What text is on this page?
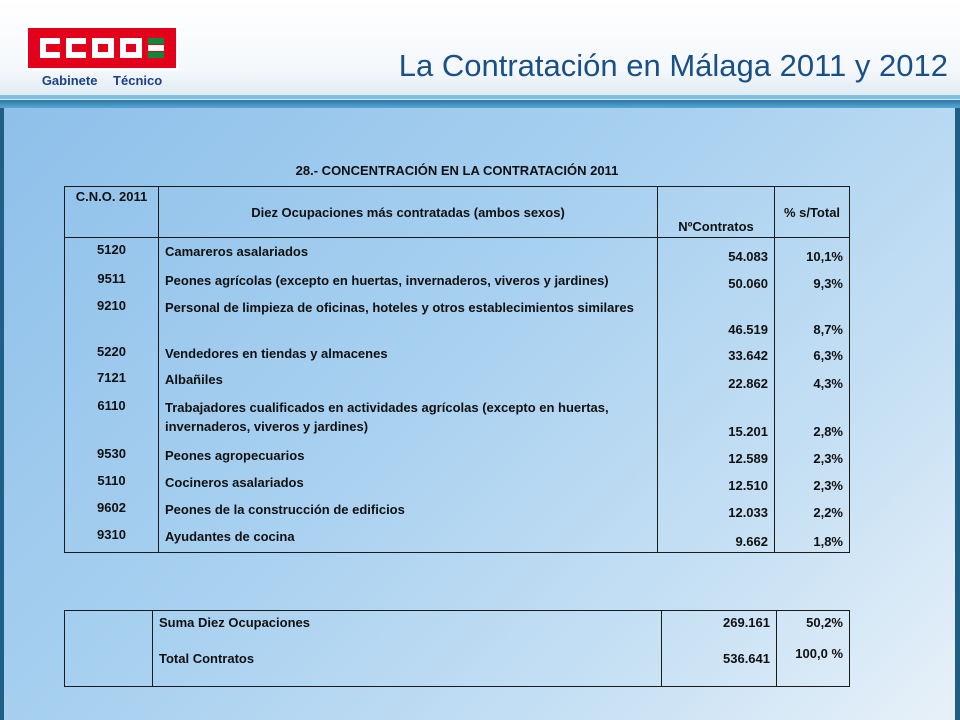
Gabinete Técnico	La Contratación en Málaga 2011 y 2012
28.- CONCENTRACIÓN EN LA CONTRATACIÓN 2011
C.N.O. 2011	Diez Ocupaciones más contratadas (ambos sexos)	NºContratos	% s/Total
5120	Camareros asalariados	54.083	10,1%
9511	Peones agrícolas (excepto en huertas, invernaderos, viveros y jardines)	50.060	9,3%
9210	Personal de limpieza de oficinas, hoteles y otros establecimientos similares	46.519	8,7%
5220	Vendedores en tiendas y almacenes	33.642	6,3%
7121	Albañiles	22.862	4,3%
6110	Trabajadores cualificados en actividades agrícolas (excepto en huertas, invernaderos, viveros y jardines)	15.201	2,8%
9530	Peones agropecuarios	12.589	2,3%
5110	Cocineros asalariados	12.510	2,3%
9602	Peones de la construcción de edificios	12.033	2,2%
9310	Ayudantes de cocina	9.662	1,8%
	Suma Diez Ocupaciones	269.161	50,2%
	Total Contratos	536.641	100,0 %
